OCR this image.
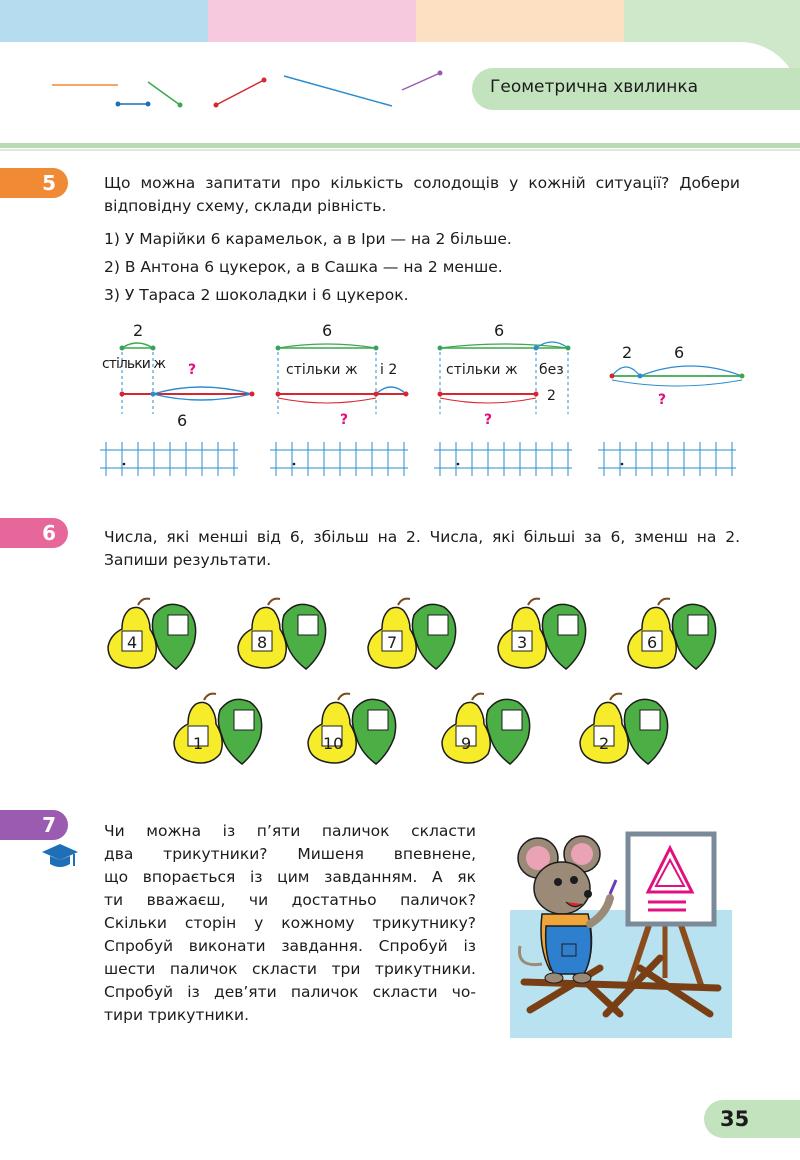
Геометрична хвилинка
5	Що можна запитати про кількість солодощів у кожній ситуації? Добери відповідну схему, склади рівність.
1) У Марійки 6 карамельок, а в Іри — на 2 більше.
2) В Антона 6 цукерок, а в Сашка — на 2 менше.
3) У Тараса 2 шоколадки і 6 цукерок.
2
стільки ж ?
6
6
стільки ж і 2
?
6
стільки ж без
2
?
2	6
?
6	Числа, які менші від 6, збільш на 2. Числа, які більші за 6, зменш на 2. Запиши результати.
4	8	7	3	6
1	10	9	2
7	Чи можна із п’яти паличок скласти
два трикутники? Мишеня впевнене,
що впорається із цим завданням. А як
ти вважаєш, чи достатньо паличок?
Скільки сторін у кожному трикутнику?
Спробуй виконати завдання. Спробуй із
шести паличок скласти три трикутники.
Спробуй із дев’яти паличок скласти чо-
тири трикутники.
35
